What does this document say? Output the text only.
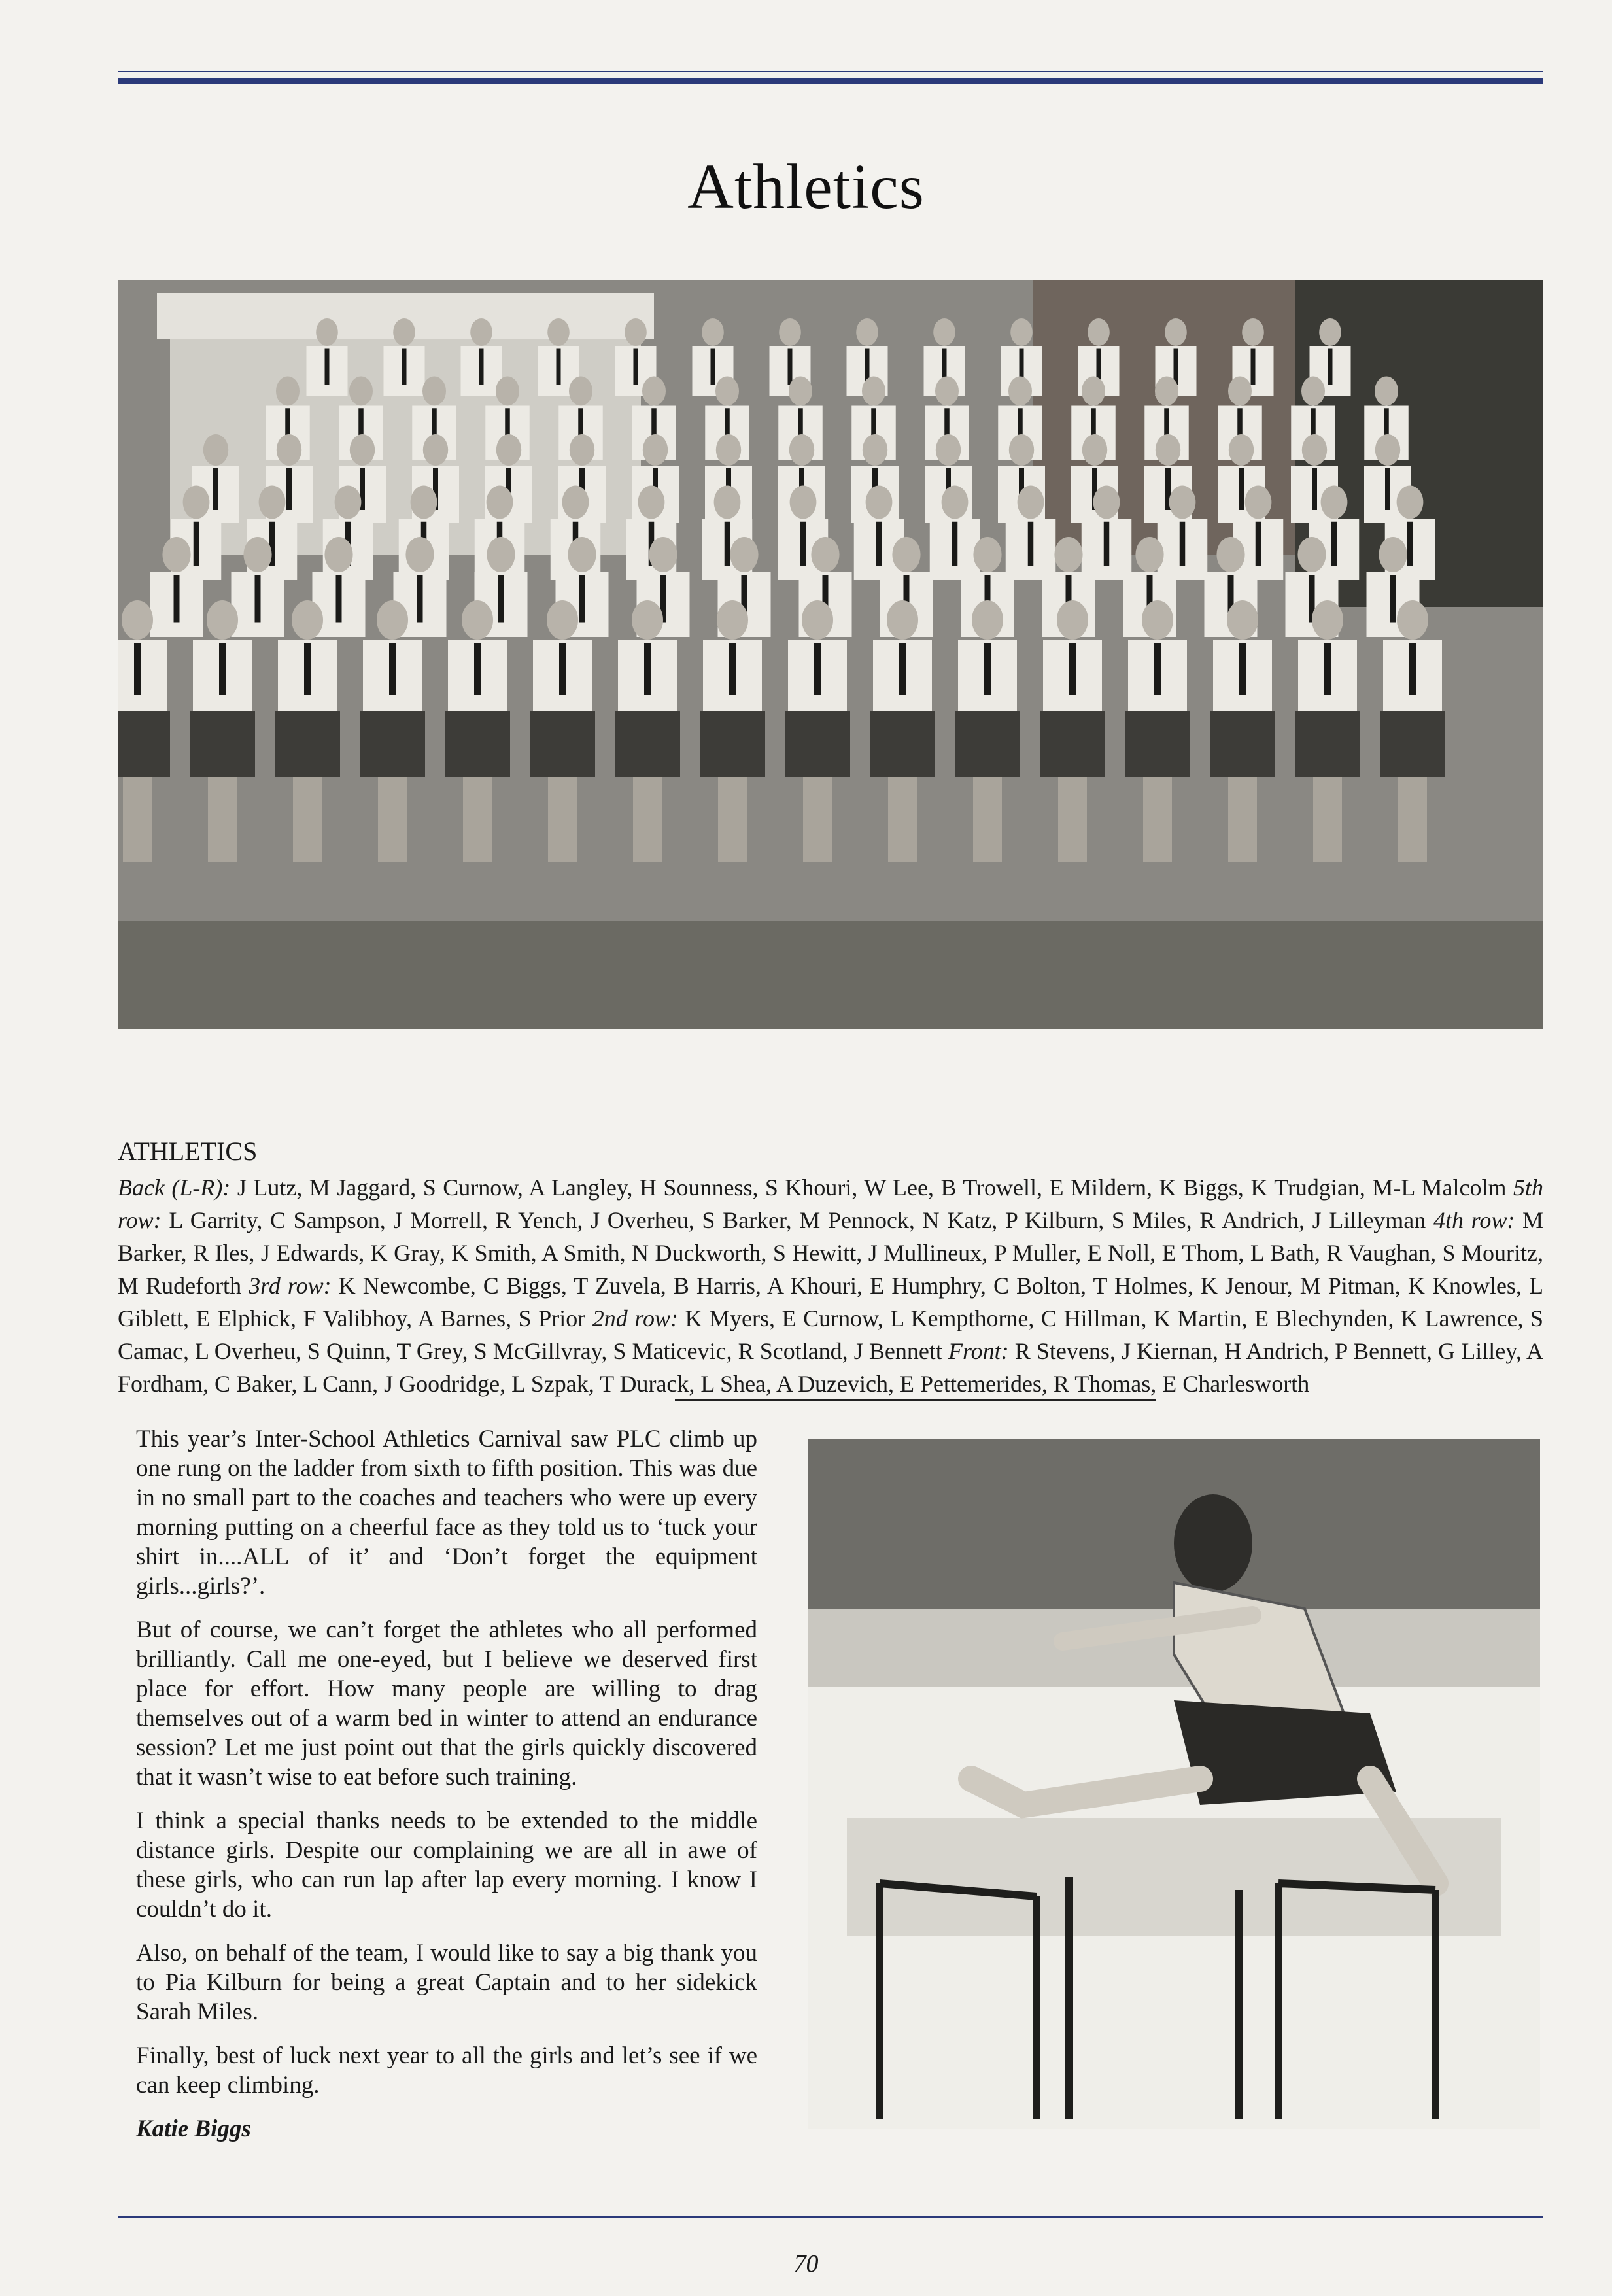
Athletics
ATHLETICS
Back (L-R): J Lutz, M Jaggard, S Curnow, A Langley, H Sounness, S Khouri, W Lee, B Trowell, E Mildern, K Biggs, K Trudgian, M-L Malcolm 5th row: L Garrity, C Sampson, J Morrell, R Yench, J Overheu, S Barker, M Pennock, N Katz, P Kilburn, S Miles, R Andrich, J Lilleyman 4th row: M Barker, R Iles, J Edwards, K Gray, K Smith, A Smith, N Duckworth, S Hewitt, J Mullineux, P Muller, E Noll, E Thom, L Bath, R Vaughan, S Mouritz, M Rudeforth 3rd row: K Newcombe, C Biggs, T Zuvela, B Harris, A Khouri, E Humphry, C Bolton, T Holmes, K Jenour, M Pitman, K Knowles, L Giblett, E Elphick, F Valibhoy, A Barnes, S Prior 2nd row: K Myers, E Curnow, L Kempthorne, C Hillman, K Martin, E Blechynden, K Lawrence, S Camac, L Overheu, S Quinn, T Grey, S McGillvray, S Maticevic, R Scotland, J Bennett Front: R Stevens, J Kiernan, H Andrich, P Bennett, G Lilley, A Fordham, C Baker, L Cann, J Goodridge, L Szpak, T Durack, L Shea, A Duzevich, E Pettemerides, R Thomas, E Charlesworth

This year’s Inter-School Athletics Carnival saw PLC climb up one rung on the ladder from sixth to fifth position. This was due in no small part to the coaches and teachers who were up every morning putting on a cheerful face as they told us to ‘tuck your shirt in....ALL of it’ and ‘Don’t forget the equipment girls...girls?’.

But of course, we can’t forget the athletes who all performed brilliantly. Call me one-eyed, but I believe we deserved first place for effort. How many people are willing to drag themselves out of a warm bed in winter to attend an endurance session? Let me just point out that the girls quickly discovered that it wasn’t wise to eat before such training.

I think a special thanks needs to be extended to the middle distance girls. Despite our complaining we are all in awe of these girls, who can run lap after lap every morning. I know I couldn’t do it.

Also, on behalf of the team, I would like to say a big thank you to Pia Kilburn for being a great Captain and to her sidekick Sarah Miles.

Finally, best of luck next year to all the girls and let’s see if we can keep climbing.

Katie Biggs

70
